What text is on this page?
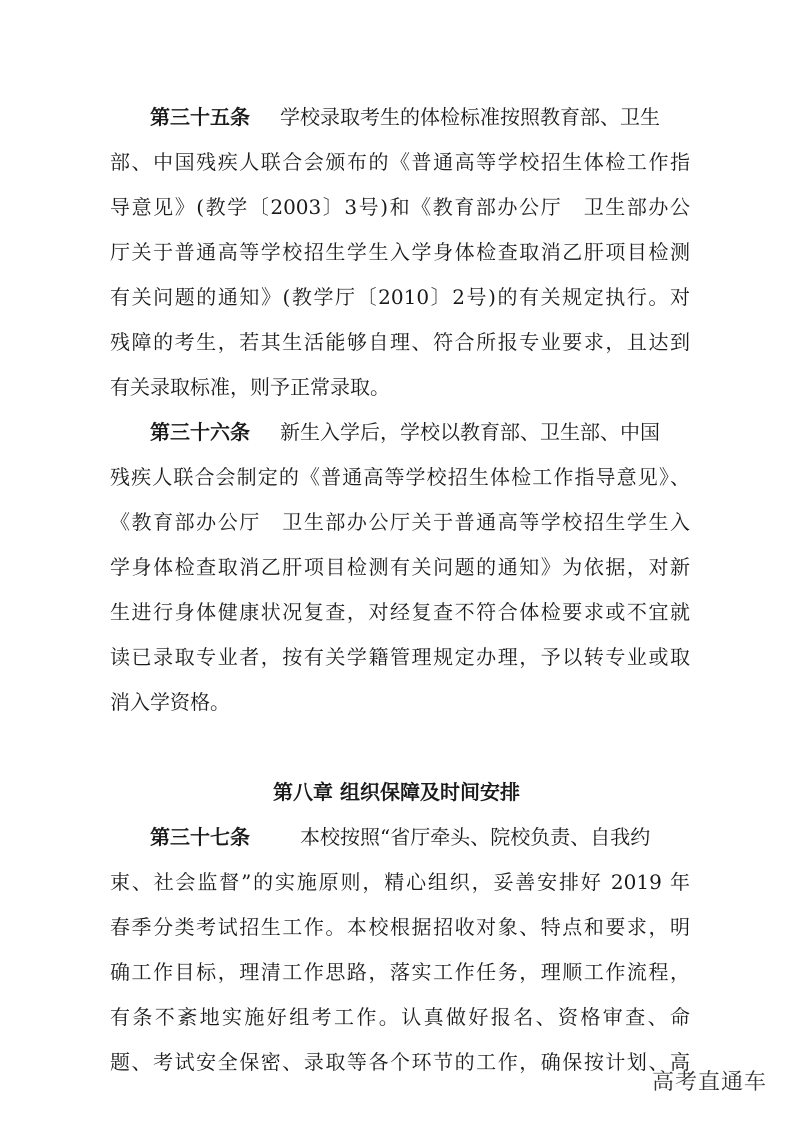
第三十五条 学校录取考生的体检标准按照教育部、卫生
部、中国残疾人联合会颁布的《普通高等学校招生体检工作指
导意见》(教学〔2003〕3号)和《教育部办公厅　卫生部办公
厅关于普通高等学校招生学生入学身体检查取消乙肝项目检测
有关问题的通知》(教学厅〔2010〕2号)的有关规定执行。对
残障的考生，若其生活能够自理、符合所报专业要求，且达到
有关录取标准，则予正常录取。
第三十六条 新生入学后，学校以教育部、卫生部、中国
残疾人联合会制定的《普通高等学校招生体检工作指导意见》、
《教育部办公厅　卫生部办公厅关于普通高等学校招生学生入
学身体检查取消乙肝项目检测有关问题的通知》为依据，对新
生进行身体健康状况复查，对经复查不符合体检要求或不宜就
读已录取专业者，按有关学籍管理规定办理，予以转专业或取
消入学资格。
第八章 组织保障及时间安排
第三十七条	本校按照“省厅牵头、院校负责、自我约
束、社会监督”的实施原则，精心组织，妥善安排好 2019 年
春季分类考试招生工作。本校根据招收对象、特点和要求，明
确工作目标，理清工作思路，落实工作任务，理顺工作流程，
有条不紊地实施好组考工作。认真做好报名、资格审查、命
题、考试安全保密、录取等各个环节的工作，确保按计划、高
高考直通车
